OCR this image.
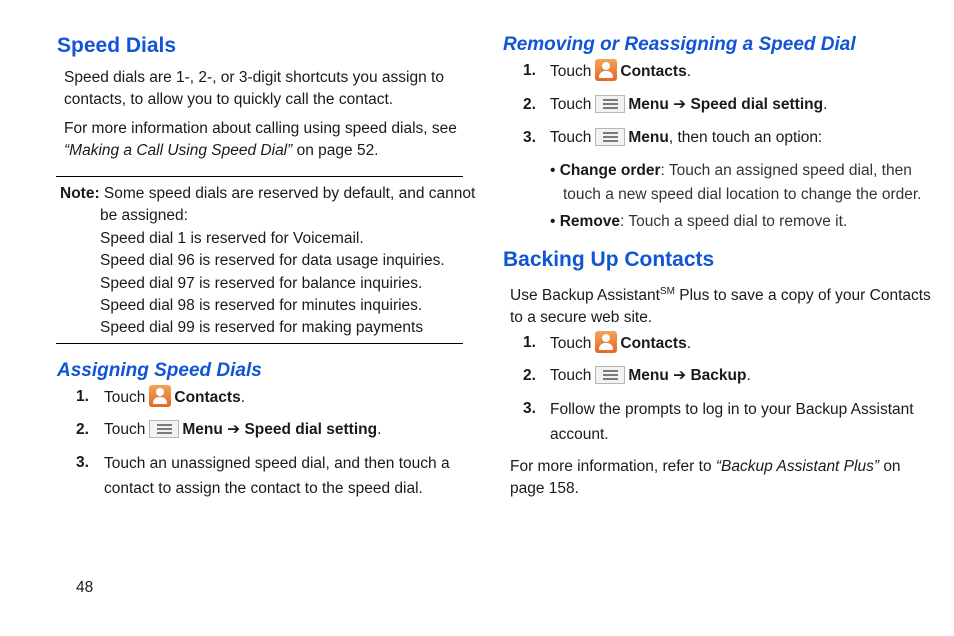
Speed Dials

Speed dials are 1-, 2-, or 3-digit shortcuts you assign to contacts, to allow you to quickly call the contact.

For more information about calling using speed dials, see
“Making a Call Using Speed Dial” on page 52.

Note: Some speed dials are reserved by default, and cannot
be assigned:
Speed dial 1 is reserved for Voicemail.
Speed dial 96 is reserved for data usage inquiries.
Speed dial 97 is reserved for balance inquiries.
Speed dial 98 is reserved for minutes inquiries.
Speed dial 99 is reserved for making payments
Assigning Speed Dials
1. Touch Contacts.
2. Touch Menu ➔ Speed dial setting.
3. Touch an unassigned speed dial, and then touch a
contact to assign the contact to the speed dial.
48
Removing or Reassigning a Speed Dial
1. Touch Contacts.
2. Touch Menu ➔ Speed dial setting.
3. Touch Menu, then touch an option:
• Change order: Touch an assigned speed dial, then
touch a new speed dial location to change the order.
• Remove: Touch a speed dial to remove it.
Backing Up Contacts
Use Backup Assistant℠ Plus to save a copy of your Contacts
to a secure web site.
1. Touch Contacts.
2. Touch Menu ➔ Backup.
3. Follow the prompts to log in to your Backup Assistant
account.
For more information, refer to “Backup Assistant Plus” on
page 158.
